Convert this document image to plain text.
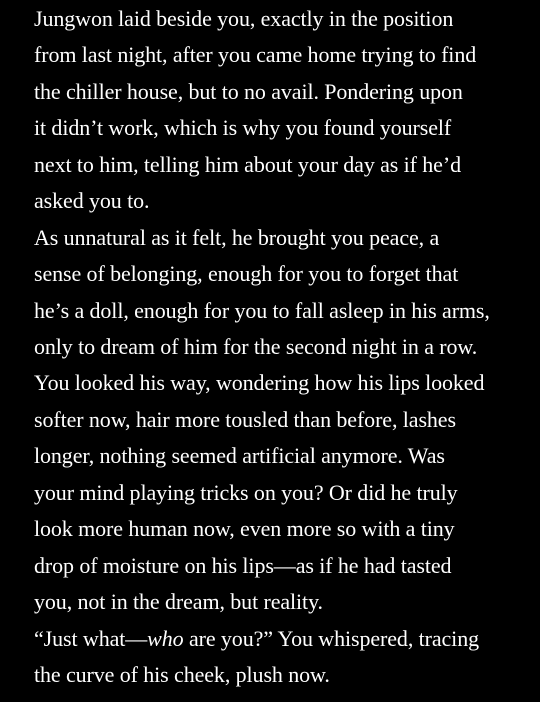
Jungwon laid beside you, exactly in the position

from last night, after you came home trying to find

the chiller house, but to no avail. Pondering upon

it didn’t work, which is why you found yourself

next to him, telling him about your day as if he’d

asked you to.

As unnatural as it felt, he brought you peace, a

sense of belonging, enough for you to forget that

he’s a doll, enough for you to fall asleep in his arms,

only to dream of him for the second night in a row.

You looked his way, wondering how his lips looked

softer now, hair more tousled than before, lashes

longer, nothing seemed artificial anymore. Was

your mind playing tricks on you? Or did he truly

look more human now, even more so with a tiny

drop of moisture on his lips—as if he had tasted

you, not in the dream, but reality.

“Just what—who are you?” You whispered, tracing

the curve of his cheek, plush now.
